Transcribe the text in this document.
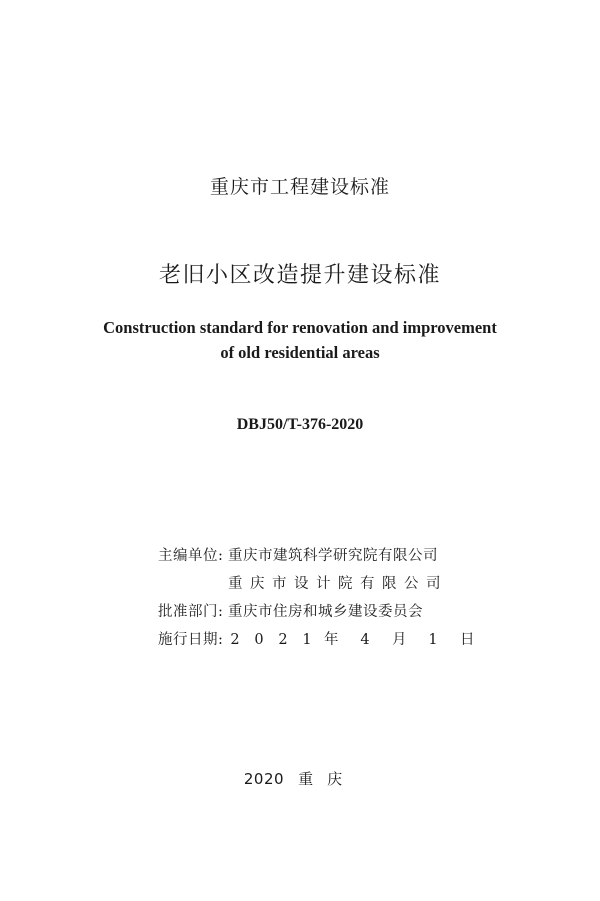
重庆市工程建设标准
老旧小区改造提升建设标准
Construction standard for renovation and improvement
of old residential areas
DBJ50/T-376-2020
主编单位: 重庆市建筑科学研究院有限公司
重庆市设计院有限公司
批准部门: 重庆市住房和城乡建设委员会
施行日期: 2 0 2 1 年 4 月 1 日
2020 重庆
